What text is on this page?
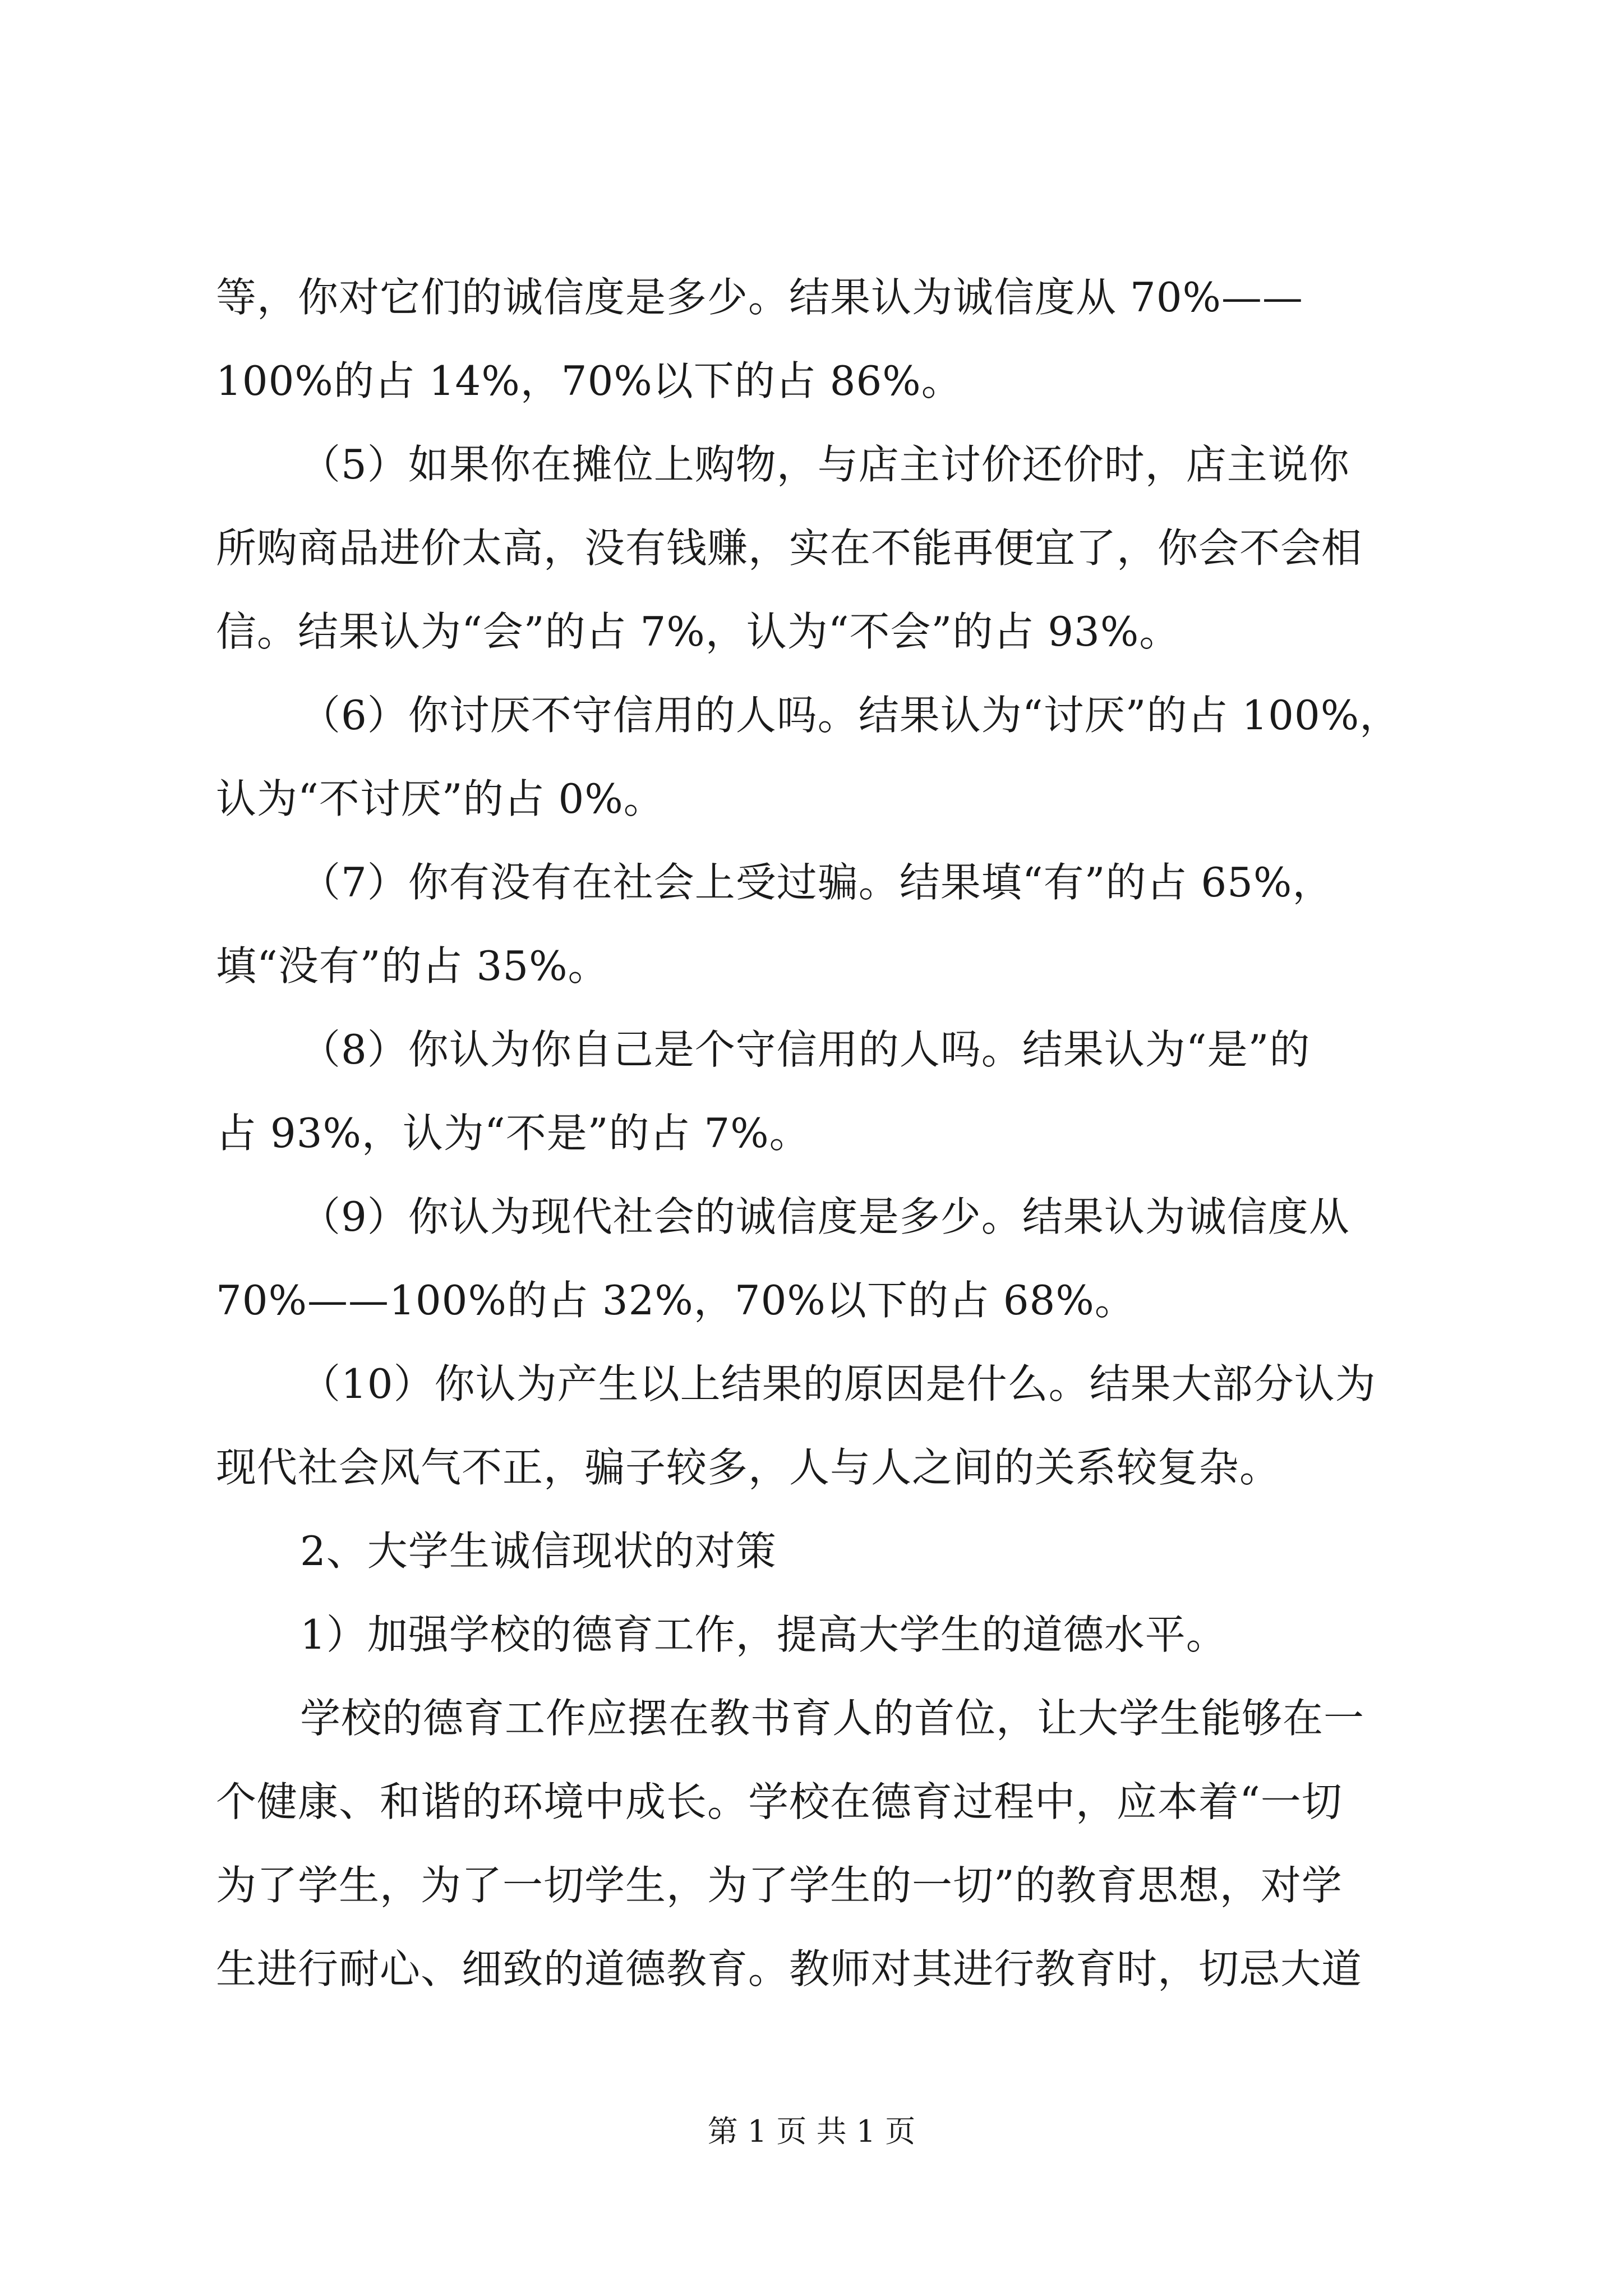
等，你对它们的诚信度是多少。结果认为诚信度从 70%——
100%的占 14%，70%以下的占 86%。
（5）如果你在摊位上购物，与店主讨价还价时，店主说你
所购商品进价太高，没有钱赚，实在不能再便宜了，你会不会相
信。结果认为“会”的占 7%，认为“不会”的占 93%。
（6）你讨厌不守信用的人吗。结果认为“讨厌”的占 100%，
认为“不讨厌”的占 0%。
（7）你有没有在社会上受过骗。结果填“有”的占 65%，
填“没有”的占 35%。
（8）你认为你自己是个守信用的人吗。结果认为“是”的
占 93%，认为“不是”的占 7%。
（9）你认为现代社会的诚信度是多少。结果认为诚信度从
70%——100%的占 32%，70%以下的占 68%。
（10）你认为产生以上结果的原因是什么。结果大部分认为
现代社会风气不正，骗子较多，人与人之间的关系较复杂。
2、大学生诚信现状的对策
1）加强学校的德育工作，提高大学生的道德水平。
学校的德育工作应摆在教书育人的首位，让大学生能够在一
个健康、和谐的环境中成长。学校在德育过程中，应本着“一切
为了学生，为了一切学生，为了学生的一切”的教育思想，对学
生进行耐心、细致的道德教育。教师对其进行教育时，切忌大道
第 1 页 共 1 页
